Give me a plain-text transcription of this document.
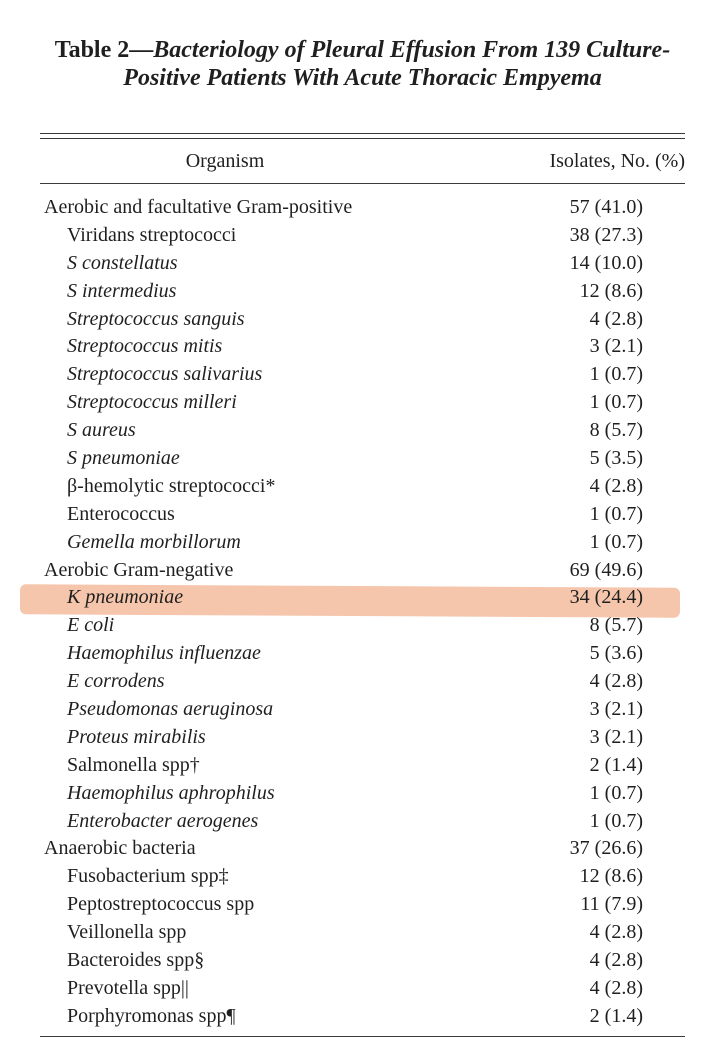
Table 2—Bacteriology of Pleural Effusion From 139 Culture-Positive Patients With Acute Thoracic Empyema
Organism	Isolates, No. (%)
Aerobic and facultative Gram-positive	57 (41.0)
Viridans streptococci	38 (27.3)
S constellatus	14 (10.0)
S intermedius	12 (8.6)
Streptococcus sanguis	4 (2.8)
Streptococcus mitis	3 (2.1)
Streptococcus salivarius	1 (0.7)
Streptococcus milleri	1 (0.7)
S aureus	8 (5.7)
S pneumoniae	5 (3.5)
β-hemolytic streptococci*	4 (2.8)
Enterococcus	1 (0.7)
Gemella morbillorum	1 (0.7)
Aerobic Gram-negative	69 (49.6)
K pneumoniae	34 (24.4)
E coli	8 (5.7)
Haemophilus influenzae	5 (3.6)
E corrodens	4 (2.8)
Pseudomonas aeruginosa	3 (2.1)
Proteus mirabilis	3 (2.1)
Salmonella spp†	2 (1.4)
Haemophilus aphrophilus	1 (0.7)
Enterobacter aerogenes	1 (0.7)
Anaerobic bacteria	37 (26.6)
Fusobacterium spp‡	12 (8.6)
Peptostreptococcus spp	11 (7.9)
Veillonella spp	4 (2.8)
Bacteroides spp§	4 (2.8)
Prevotella spp||	4 (2.8)
Porphyromonas spp¶	2 (1.4)
